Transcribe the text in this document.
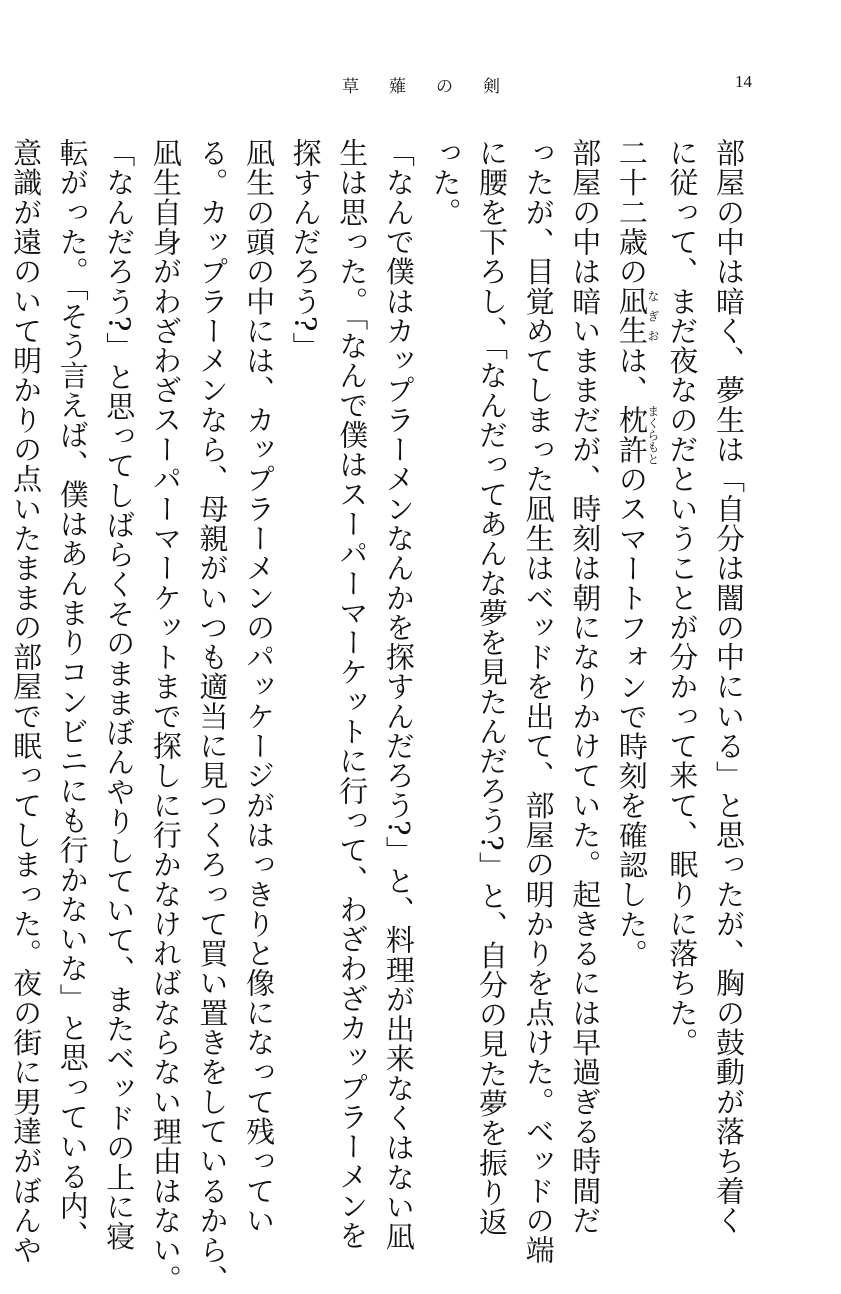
草薙の剣	14

部屋の中は暗く、夢生は「自分は闇の中にいる」と思ったが、胸の鼓動が落ち着く

に従って、まだ夜なのだということが分かって来て、眠りに落ちた。

二十二歳の凪生なぎおは、枕許まくらもとのスマートフォンで時刻を確認した。

部屋の中は暗いままだが、時刻は朝になりかけていた。起きるには早過ぎる時間だ

ったが、目覚めてしまった凪生はベッドを出て、部屋の明かりを点けた。ベッドの端

に腰を下ろし、「なんだってあんな夢を見たんだろう?」と、自分の見た夢を振り返

った。

「なんで僕はカップラーメンなんかを探すんだろう?」と、料理が出来なくはない凪

生は思った。「なんで僕はスーパーマーケットに行って、わざわざカップラーメンを

探すんだろう?」

凪生の頭の中には、カップラーメンのパッケージがはっきりと像になって残ってい

る。カップラーメンなら、母親がいつも適当に見つくろって買い置きをしているから、

凪生自身がわざわざスーパーマーケットまで探しに行かなければならない理由はない。

「なんだろう?」と思ってしばらくそのままぼんやりしていて、またベッドの上に寝

転がった。「そう言えば、僕はあんまりコンビニにも行かないな」と思っている内、

意識が遠のいて明かりの点いたままの部屋で眠ってしまった。夜の街に男達がぼんや
